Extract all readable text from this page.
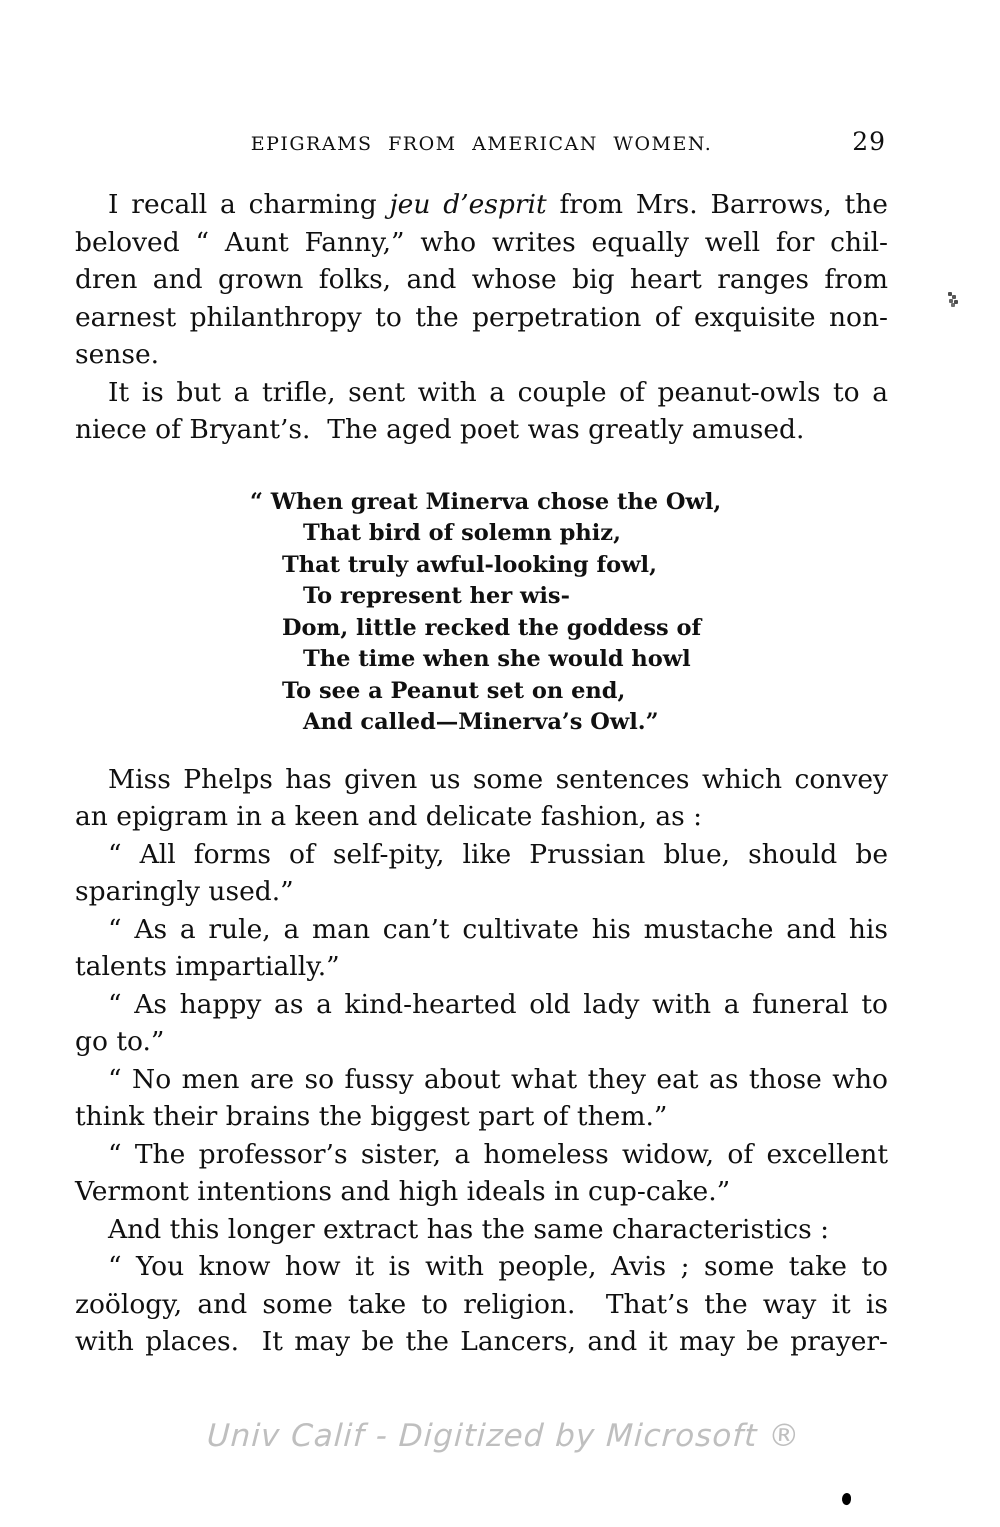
EPIGRAMS FROM AMERICAN WOMEN.	29
I recall a charming jeu d’esprit from Mrs. Barrows, the
beloved “ Aunt Fanny,” who writes equally well for chil-
dren and grown folks, and whose big heart ranges from
earnest philanthropy to the perpetration of exquisite non-
sense.
It is but a trifle, sent with a couple of peanut-owls to a
niece of Bryant’s.  The aged poet was greatly amused.
“ When great Minerva chose the Owl,
That bird of solemn phiz,
That truly awful-looking fowl,
To represent her wis-
Dom, little recked the goddess of
The time when she would howl
To see a Peanut set on end,
And called—Minerva’s Owl.”
Miss Phelps has given us some sentences which convey
an epigram in a keen and delicate fashion, as :
“ All forms of self-pity, like Prussian blue, should be
sparingly used.”
“ As a rule, a man can’t cultivate his mustache and his
talents impartially.”
“ As happy as a kind-hearted old lady with a funeral to
go to.”
“ No men are so fussy about what they eat as those who
think their brains the biggest part of them.”
“ The professor’s sister, a homeless widow, of excellent
Vermont intentions and high ideals in cup-cake.”
And this longer extract has the same characteristics :
“ You know how it is with people, Avis ; some take to
zoölogy, and some take to religion.  That’s the way it is
with places.  It may be the Lancers, and it may be prayer-
Univ Calif - Digitized by Microsoft ®
